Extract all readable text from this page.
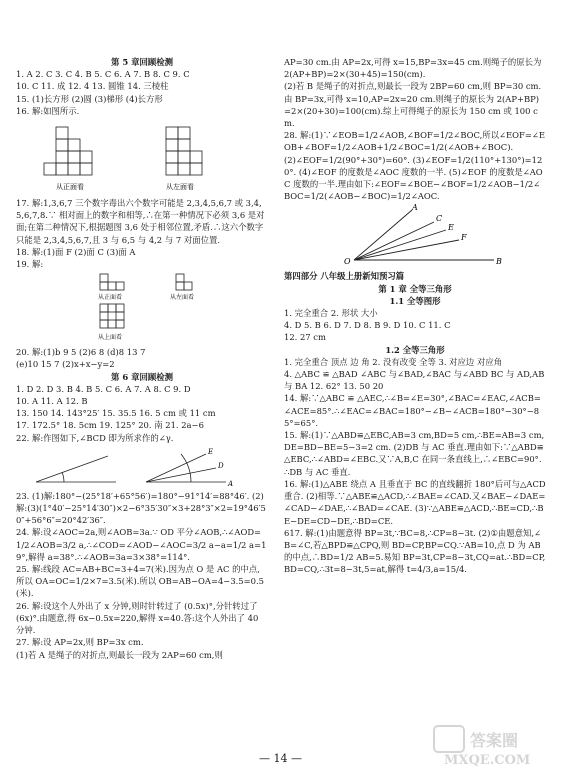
第 5 章回顾检测

1. A 2. C 3. C 4. B 5. C 6. A 7. B 8. C 9. C

10. C 11. 成 12. 4 13. 圆锥 14. 三棱柱

15. (1)长方形 (2)圆 (3)梯形 (4)长方形

16. 解:如图所示.

从正面看	从左面看

17. 解:1,3,6,7 三个数字毒出六个数字可能是 2,3,4,5,6,7 或 3,4,5,6,7,8.∵ 相对面上的数字和相等,∴在第一种情况下必须 3,6 是对面;在第二种情况下,根据题图 3,6 处于相邻位置,矛盾.∴这六个数字只能是 2,3,4,5,6,7,且 3 与 6,5 与 4,2 与 7 对面位置.

18. 解:(1)面 F (2)面 C (3)面 A

19. 解:

从正面看	从左面看
从上面看

20. 解:(1)b 9 5 (2)6 8 (d)8 13 7

(e)10 15 7 (2)x+x−y=2

第 6 章回顾检测

1. D 2. D 3. B 4. B 5. C 6. A 7. A 8. C 9. D

10. A 11. A 12. B

13. 150 14. 143°25′ 15. 35.5 16. 5 cm 或 11 cm

17. 172.5° 18. 5cm 19. 125° 20. 南 21. 2a−6

22. 解:作图如下,∠BCD 即为所求作的∠γ.

E
D
A

23. (1)解:180°−(25°18′+65°56′)=180°−91°14′=88°46′. (2)解:(3)(1°40′−25°14′30″)×2−6°35′30″×3+28°3″×2=19°46′50″+56°6″=20°42′36″.

24. 解:设∠AOC=2a,则∠AOB=3a.∵ OD 平分∠AOB,∴∠AOD=1/2∠AOB=3/2 a,∴∠COD=∠AOD−∠AOC=3/2 a−a=1/2 a=19°,解得 a=38°.∴∠AOB=3a=3×38°=114°.

25. 解:线段 AC=AB+BC=3+4=7(米).因为点 O 是 AC 的中点,所以 OA=OC=1/2×7=3.5(米).所以 OB=AB−OA=4−3.5=0.5(米).

26. 解:设这个人外出了 x 分钟,则时针转过了 (0.5x)°,分针转过了 (6x)°.由题意,得 6x−0.5x=220,解得 x=40.答:这个人外出了 40 分钟.

27. 解:设 AP=2x,则 BP=3x cm.

(1)若 A 是绳子的对折点,则最长一段为 2AP=60 cm,则

AP=30 cm.由 AP=2x,可得 x=15,BP=3x=45 cm.则绳子的原长为 2(AP+BP)=2×(30+45)=150(cm).

(2)若 B 是绳子的对折点,则最长一段为 2BP=60 cm,则 BP=30 cm.由 BP=3x,可得 x=10,AP=2x=20 cm.则绳子的原长为 2(AP+BP)=2×(20+30)=100(cm).综上可得绳子的原长为 150 cm 或 100 cm.

28. 解:(1)∵∠EOB=1/2∠AOB,∠BOF=1/2∠BOC,所以∠EOF=∠EOB+∠BOF=1/2∠AOB+1/2∠BOC=1/2(∠AOB+∠BOC).

(2)∠EOF=1/2(90°+30°)=60°. (3)∠EOF=1/2(110°+130°)=120°. (4)∠EOF 的度数是∠AOC 度数的一半. (5)∠EOF 的度数是∠AOC 度数的一半.理由如下:∠EOF=∠BOE−∠BOF=1/2∠AOB−1/2∠BOC=1/2(∠AOB−∠BOC)=1/2∠AOC.

A
C
E
F
O	B

第四部分 八年级上册新知预习篇

第 1 章 全等三角形

1.1 全等图形

1. 完全重合 2. 形状 大小

4. D 5. B 6. D 7. D 8. B 9. D 10. C 11. C

12. 27 cm

1.2 全等三角形

1. 完全重合 顶点 边 角 2. 没有改变 全等 3. 对应边 对应角

4. △ABC ≌ △BAD ∠ABC 与∠BAD,∠BAC 与∠ABD BC 与 AD,AB 与 BA 12. 62° 13. 50 20

14. 解:∵△ABC ≌ △AEC,∴∠B=∠E=30°,∠BAC=∠EAC,∠ACB=∠ACE=85°.∴∠EAC=∠BAC=180°−∠B−∠ACB=180°−30°−85°=65°.

15. 解:(1)∵△ABD≌△EBC,AB=3 cm,BD=5 cm,∴BE=AB=3 cm,DE=BD−BE=5−3=2 cm. (2)DB 与 AC 垂直.理由如下:∵△ABD≌△EBC,∴∠ABD=∠EBC.又∵A,B,C 在同一条直线上,∴∠EBC=90°.∴DB 与 AC 垂直.

16. 解:(1)△ABE 绕点 A 且垂直于 BC 的直线翻折 180°后可与△ACD 重合. (2)相等.∵△ABE≌△ACD,∴∠BAE=∠CAD.又∠BAE−∠DAE=∠CAD−∠DAE,∴∠BAD=∠CAE. (3)∵△ABE≌△ACD,∴BE=CD,∴BE−DE=CD−DE,∴BD=CE.

617. 解:(1)由题意得 BP=3t,∵BC=8,∴CP=8−3t. (2)①由题意知,∠B=∠C,若△BPD≌△CPQ,则 BD=CP,BP=CQ.∵AB=10,点 D 为 AB 的中点,∴BD=1/2 AB=5.易知 BP=3t,CP=8−3t,CQ=at.∴BD=CP,BD=CQ,∴3t=8−3t,5=at,解得 t=4/3,a=15/4.

— 14 —
答案圈
MXQE.COM
